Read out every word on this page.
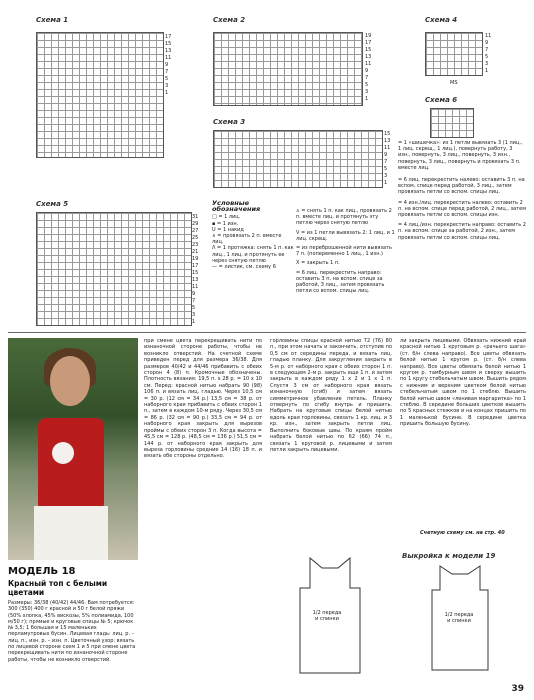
Схема 1
17
15
13
11
9
7
5
3
1
Схема 2
19
17
15
13
11
9
7
5
3
1
Схема 4
11
9
7
5
3
1
MS
Схема 6
Схема 3
15
13
11
9
7
5
3
1
= 1 «шишечка»: из 1 петли вывязать 3 (1 лиц., 1 лиц. скрещ., 1 лиц.), повернуть работу, 3 изн., повернуть, 3 лиц., повернуть, 3 изн., повернуть, 3 лиц., повернуть и провязать 3 п. вместе лиц.
= 6 лиц. перекрестить налево: оставить 3 п. на вспом. спице перед работой, 3 лиц., затем провязать петли со вспом. спицы лиц.
= 4 изн./лиц. перекрестить налево: оставить 2 п. на вспом. спице перед работой, 2 лиц., затем провязать петли со вспом. спицы изн.
= 4 лиц./изн. перекрестить направо: оставить 2 п. на вспом. спице за работой, 2 изн., затем провязать петли со вспом. спицы лиц.
Схема 5
31
29
27
25
23
21
19
17
15
13
11
9
7
5
3
1
Условные обозначения
□ = 1 лиц.
▪ = 1 изн.
U = 1 накид
∧ = провязать 2 п. вместе лиц.
Λ = 1 протяжка: снять 1 п. как лиц., 1 лиц. и протянуть ее через снятую петлю
— = листик, см. схему 6
⋏ = снять 1 п. как лиц., провязать 2 п. вместе лиц. и протянуть эту петлю через снятую петлю
V = из 1 петли вывязать 2: 1 лиц. и 1 лиц. скрещ.
= из переброшенной нити вывязать 7 п. (попеременно 1 лиц., 1 изн.)
X = закрыть 1 п.
= 6 лиц. перекрестить направо: оставить 3 п. на вспом. спице за работой, 3 лиц., затем провязать петли со вспом. спицы лиц.
МОДЕЛЬ 18
Красный топ с белыми цветами
Размеры: 36/38 (40/42) 44/46. Вам потребуется: 300 (350) 400 г красной и 50 г белой пряжи (50% хлопка, 45% вискозы, 5% полиамида, 100 м/50 г); прямые и круговые спицы № 5; крючок № 3,5; 1 большая и 15 маленьких перламутровых бусин. Лицевая гладь: лиц. р. – лиц. п., изн. р. – изн. п. Цветочный узор: вязать по лицевой стороне схем 1 и 5 при смене цвета перекрещивать нити по изнаночной стороне работы, чтобы не возникло отверстий.
при смене цвета перекрещивать нити по изнаночной стороне работы, чтобы не возникло отверстий. На счетной схеме приведен перед для размера 36/38. Для размеров 40/42 и 44/46 прибавить с обеих сторон 4 (8) п. Кромочные обозначены. Плотность вязания: 19,5 п. х 28 р. = 10 х 10 см. Перед: красной нитью набрать 90 (98) 106 п. и вязать лиц. гладью. Через 10,5 см = 30 р. (12 см = 34 р.) 13,5 см = 38 р. от наборного края прибавить с обеих сторон 1 п., затем в каждом 10-м ряду. Через 30,5 см = 86 р. (32 см = 90 р.) 33,5 см = 94 р. от наборного края закрыть для вырезов проймы с обеих сторон 3 п. Когда высота = 45,5 см = 128 р. (48,5 см = 136 р.) 51,5 см = 144 р. от наборного края закрыть для выреза горловины средние 14 (16) 18 п. и вязать обе стороны отдельно.
горловины спицы красной нитью 72 (76) 80 п., при этом начать и закончить, отступив по 0,5 см от середины переда, и вязать лиц. гладью планку. Для закругления закрыть в 5-м р. от наборного края с обеих сторон 1 п. в следующем 2-м р. закрыть еще 1 п. и затем закрыть в каждом ряду 1 х 2 и 1 х 1 п. Спустя 3 см от наборного края вязать изнаночную (сгиб) и затем вязать симметричное убавление петель. Планку отвернуть по сгибу внутрь и пришить. Набрать на круговые спицы белой нитью вдоль края горловины, связать 1 кр. лиц. и 3 кр. изн., затем закрыть петли лиц. Выполнить боковые швы. По краям пройм набрать белой нитью по 62 (66) 74 п., связать 1 круговой р. лицевыми и затем петли закрыть лицевыми.
ли закрыть лицевыми. Обвязать нижний край красной нитью 1 круговым р. «рачьего шага» (ст. б/н слева направо). Все цветы обвязать белой нитью 1 кругом р. (ст. б/н слева направо). Все цветы обвязать белой нитью 1 кругом р. тамбурным швом и сверху вышить по 1 кругу стебельчатым швом. Вышить рядом с нижним и верхним цветком белой нитью стебельчатым швом по 1 стеблю. Вышить белой нитью швом «ленивая маргаритка» по 1 стеблю. В середине больших цветков вышить по 5 красных стежков и на концах пришить по 1 маленькой бусине. В середине цветка пришить большую бусину.
Счетную схему см. на стр. 40
1/2 переда и спинки
Выкройка к модели 19
1/2 переда и спинки
39
